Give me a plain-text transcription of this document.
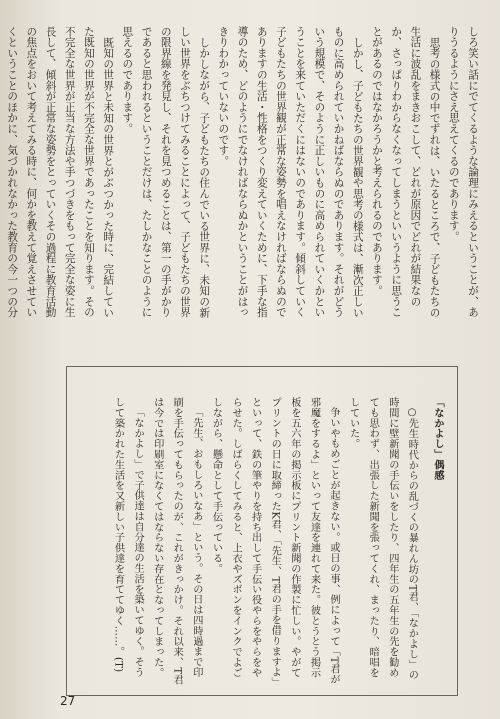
しろ笑い話にでてくるような論理にみえるということが、ありうるようにさえ思えてくるのであります。

思考の様式の中でずれは、いたるところで、子どもたちの生活に波乱をまきおこして、どれが原因でどれが結果なのか、さっぱりわからなくなってしまうといいうように思うことがあるのではなかろうかと考えられるのであります。

しかし、子どもたちの世界観や思考の様式は、漸次正しいものに高められていかねばならぬのであります。それがどういう規模で、そのように正しいものに高められていくかということを来ていただくにはないのであります。傾斜していく子どもたちの世界観が正常な姿勢を唱えなければならぬのでありますの生活・性格をつくり変えていくために、下手な指導のため、どのようにでなければならぬかということがはっきりわかっていないのです。

しかしながら、子どもたちの住んでいる世界に、未知の新しい世界をぶちつけてみることによって、子どもたちの世界の限界線を発見し、それを見つめることは、第一の手がかりであると思われるということだけは、たしかなことのように思えるのであります。

既知の世界と未知の世界とがぶつかった時に、完結していた既知の世界が不完全な世界であったことを知ります。その不完全な世界が正当な方法や手つづきをもって完全な姿に生長して、傾斜が正常な姿勢をとっていくその過程に教育活動の焦点をおいて考えてみる時に、何かを教えて覚えさせていくということのほかに、気づかれなかった教育の今一つの分

「なかよし」偶感

○先生時代からの乱づくの暴れん坊のT君、「なかよし」の時間に壁新聞の手伝いをしたり、四年生の五年生の先を勧めても思わず、出張した新聞を張ってくれ、まったり、暗唱をしていた。

争いやもめごとが起きない。或日の事、例によって「T君が邪魔をするよ」といって友達を連れて来た。彼とうとう掲示板を五六年の掲示板にプリント新聞の作製に忙しい。やがてプリントの日に取締ったK君、「先生、T君の手を借りますよ」といって、鉄の筆やりを持ち出して手伝い役やらをやらをやらせた。しばらくしてみると、上衣やズボンをインクでよごしながら、懸命として手伝っている。

「先生、おもしろいなあ」という。その日は四時過まで印刷を手伝ってもらったのが、これがきっかけ。それ以来、T君は今では印刷室になくてはならない存在となってしまった。

「なかよし」で子供達は自分達の生活を築いてゆく。そうして築かれた生活を又新しい子供達を育ててゆく……。(T)

27
